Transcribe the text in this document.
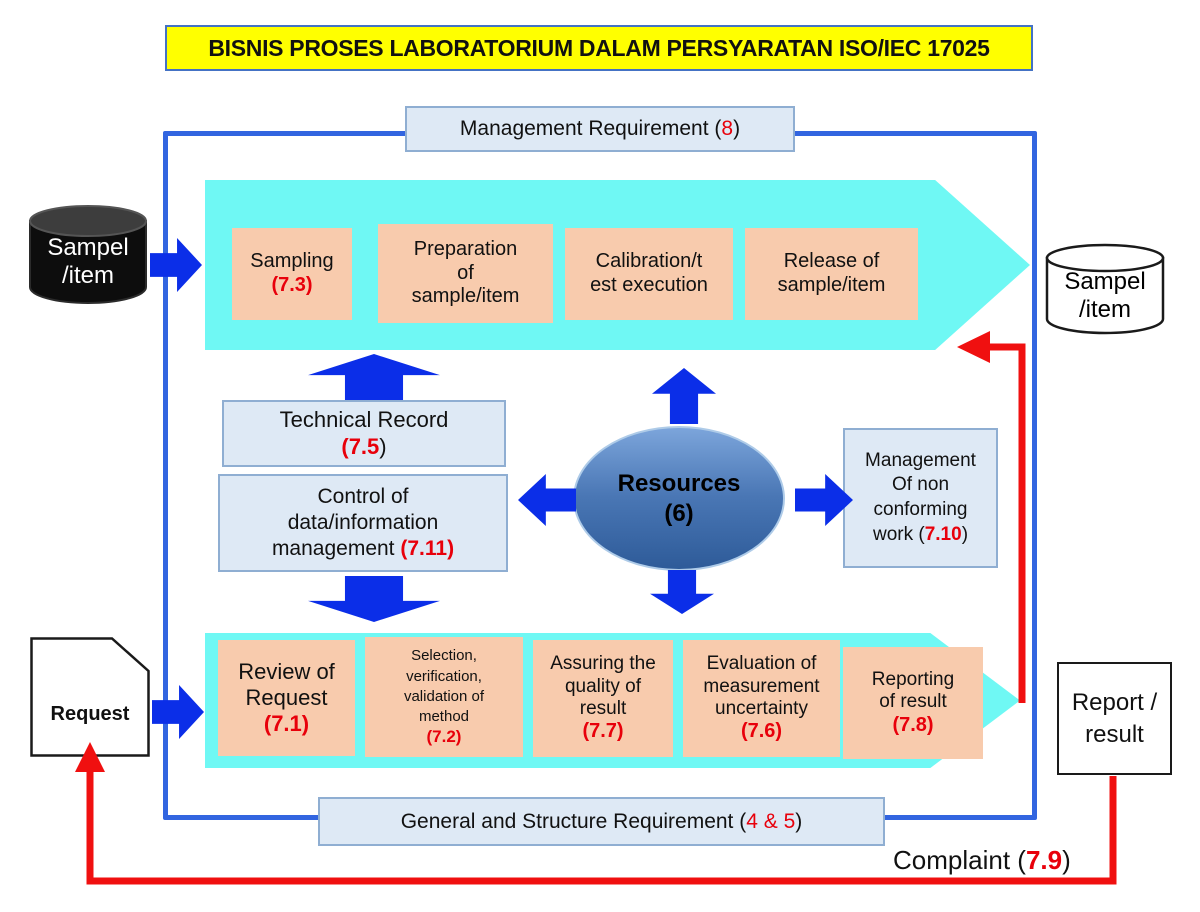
BISNIS PROSES LABORATORIUM DALAM PERSYARATAN ISO/IEC 17025
Management Requirement ( 8 )
General and Structure Requirement ( 4 & 5 )
Sampling
(7.3)
Preparation of sample/item
Calibration/t est execution
Release of sample/item
Sampel
/item	Sampel
/item
Technical Record
(7.5)
Control of data/information management (7.11)
Resources
(6)
Management Of non conforming work (7.10)
Review of Request
(7.1)
Selection, verification, validation of method
(7.2)
Assuring the quality of result
(7.7)
Evaluation of measurement uncertainty
(7.6)
Reporting of result
(7.8)
Request	Report / result
Complaint ( 7.9 )
